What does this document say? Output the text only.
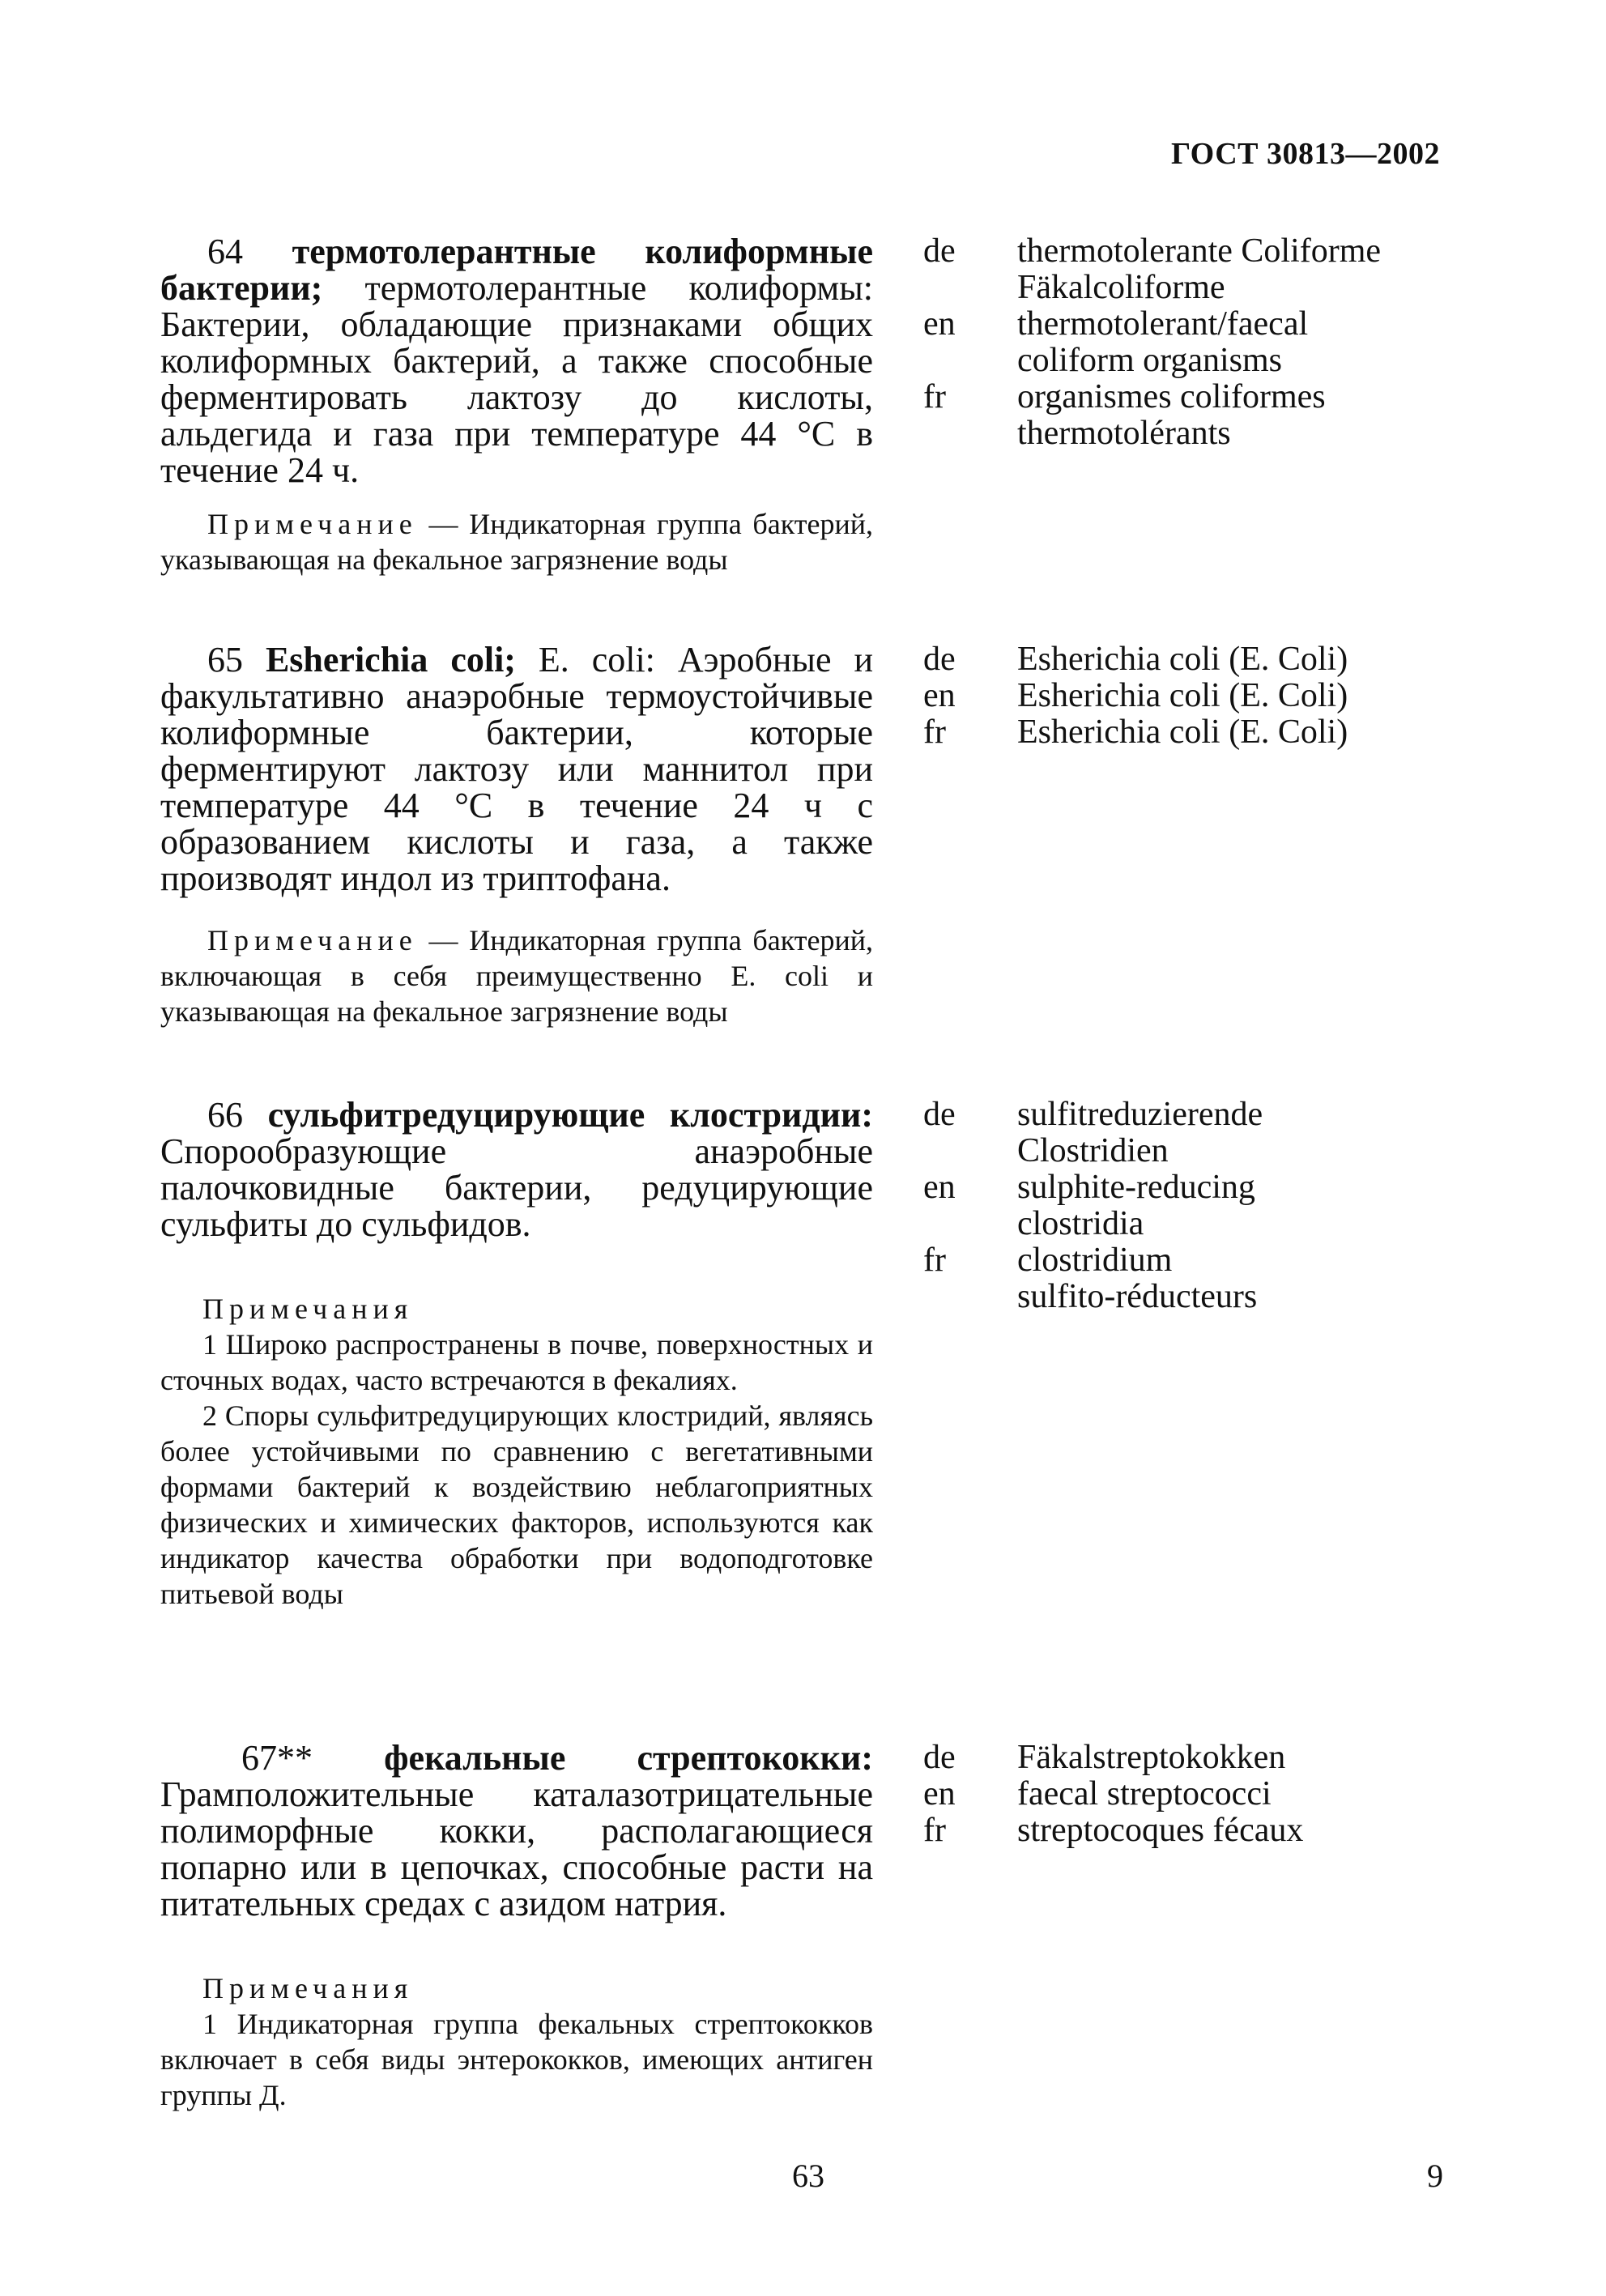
ГОСТ 30813—2002

64 термотолерантные колиформные бактерии; термотолерантные колиформы: Бактерии, обладающие признаками общих колиформных бактерий, а также способные ферментировать лактозу до кислоты, альдегида и газа при температуре 44 °С в течение 24 ч.

Примечание — Индикаторная группа бактерий, указывающая на фекальное загрязнение воды

de
en
fr
thermotolerante Coliforme
Fäkalcoliforme
thermotolerant/faecal
coliform organisms
organismes coliformes
thermotolérants

65 Esherichia coli; E. coli: Аэробные и факультативно анаэробные термоустойчивые колиформные бактерии, которые ферментируют лактозу или маннитол при температуре 44 °С в течение 24 ч с образованием кислоты и газа, а также производят индол из триптофана.

Примечание — Индикаторная группа бактерий, включающая в себя преимущественно E. coli и указывающая на фекальное загрязнение воды

de
en
fr
Esherichia coli (E. Coli)
Esherichia coli (E. Coli)
Esherichia coli (E. Coli)

66 сульфитредуцирующие клостридии: Спорообразующие анаэробные палочковидные бактерии, редуцирующие сульфиты до сульфидов.

Примечания

1 Широко распространены в почве, поверхностных и сточных водах, часто встречаются в фекалиях.

2 Споры сульфитредуцирующих клостридий, являясь более устойчивыми по сравнению с вегетативными формами бактерий к воздействию неблагоприятных физических и химических факторов, используются как индикатор качества обработки при водоподготовке питьевой воды

de
en
fr
sulfitreduzierende
Clostridien
sulphite-reducing
clostridia
clostridium
sulfito-réducteurs

67** фекальные стрептококки: Грамположительные каталазотрицательные полиморфные кокки, располагающиеся попарно или в цепочках, способные расти на питательных средах с азидом натрия.

Примечания

1 Индикаторная группа фекальных стрептококков включает в себя виды энтерококков, имеющих антиген группы Д.

de
en
fr
Fäkalstreptokokken
faecal streptococci
streptocoques fécaux
63	9
